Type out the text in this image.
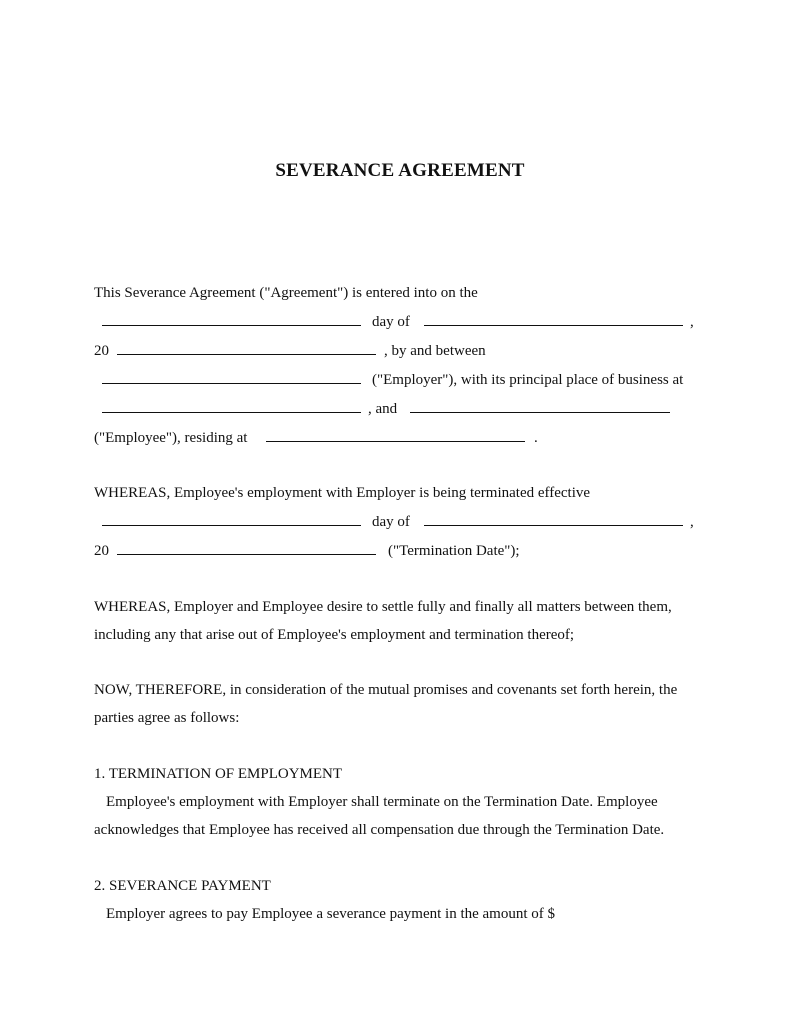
SEVERANCE AGREEMENT
This Severance Agreement ("Agreement") is entered into on the
day of	,
20	, by and between
("Employer"), with its principal place of business at
, and
("Employee"), residing at	.
WHEREAS, Employee's employment with Employer is being terminated effective
day of	,
20	("Termination Date");
WHEREAS, Employer and Employee desire to settle fully and finally all matters between them,
including any that arise out of Employee's employment and termination thereof;
NOW, THEREFORE, in consideration of the mutual promises and covenants set forth herein, the
parties agree as follows:
1. TERMINATION OF EMPLOYMENT
Employee's employment with Employer shall terminate on the Termination Date. Employee
acknowledges that Employee has received all compensation due through the Termination Date.
2. SEVERANCE PAYMENT
Employer agrees to pay Employee a severance payment in the amount of $
